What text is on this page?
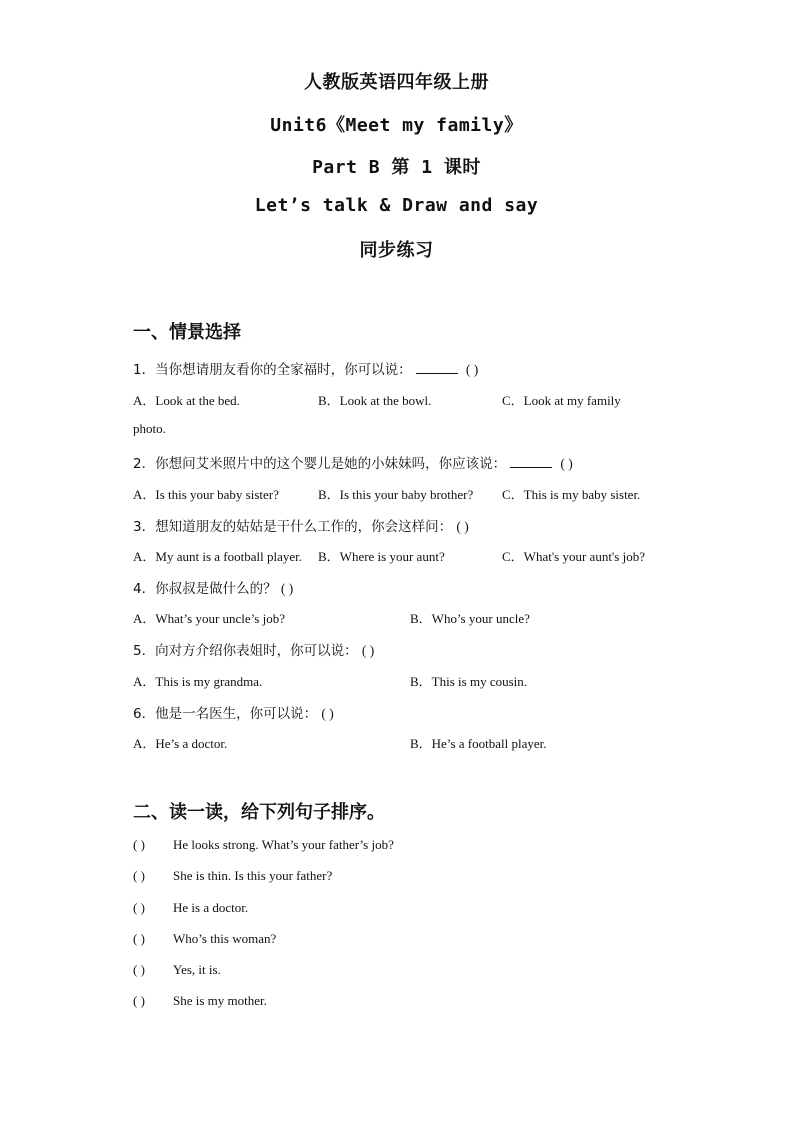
人教版英语四年级上册
Unit6《Meet my family》
Part B 第 1 课时
Let’s talk & Draw and say
同步练习
一、情景选择
1．当你想请朋友看你的全家福时，你可以说：	( )
A．Look at the bed.	B．Look at the bowl.	C．Look at my family
photo.
2．你想问艾米照片中的这个婴儿是她的小妹妹吗，你应该说：	( )
A．Is this your baby sister?	B．Is this your baby brother? C．This is my baby sister.
3．想知道朋友的姑姑是干什么工作的，你会这样问： ( )
A．My aunt is a football player. B．Where is your aunt?	C．What's your aunt's job?
4．你叔叔是做什么的？ ( )
A．What’s your uncle’s job?	B．Who’s your uncle?
5．向对方介绍你表姐时，你可以说： ( )
A．This is my grandma.	B．This is my cousin.
6．他是一名医生，你可以说： ( )
A．He’s a doctor.	B．He’s a football player.
二、读一读，给下列句子排序。
( ) He looks strong. What’s your father’s job?
( ) She is thin. Is this your father?
( ) He is a doctor.
( ) Who’s this woman?
( ) Yes, it is.
( ) She is my mother.
